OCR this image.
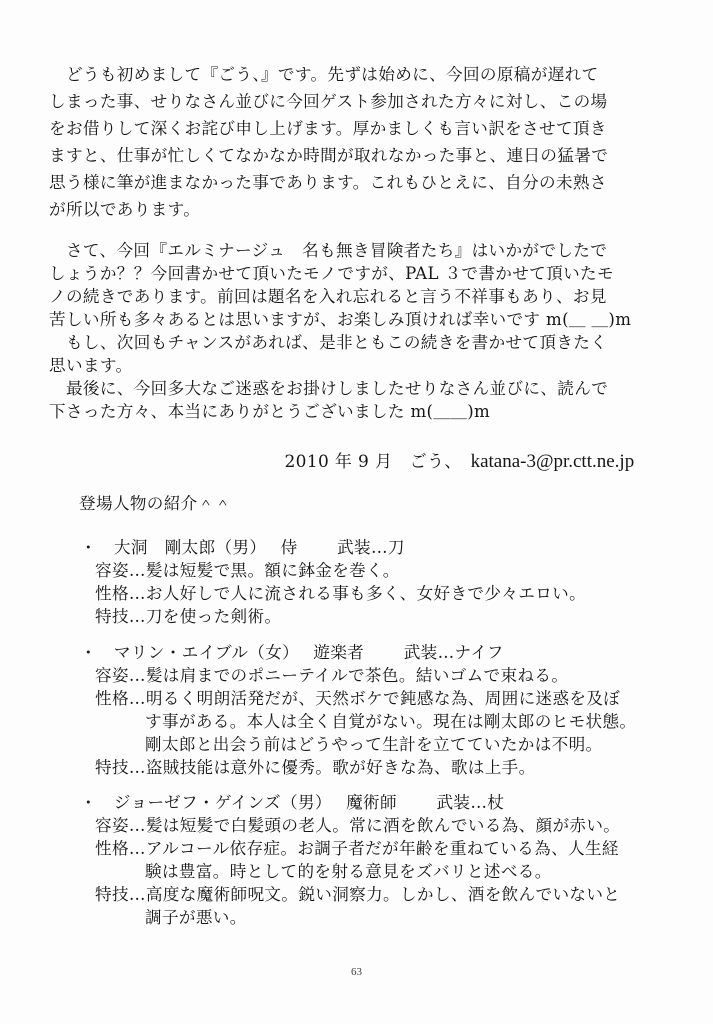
　どうも初めまして『ごう、』です。先ずは始めに、今回の原稿が遅れて
しまった事、せりなさん並びに今回ゲスト参加された方々に対し、この場
をお借りして深くお詫び申し上げます。厚かましくも言い訳をさせて頂き
ますと、仕事が忙しくてなかなか時間が取れなかった事と、連日の猛暑で
思う様に筆が進まなかった事であります。これもひとえに、自分の未熟さ
が所以であります。
　さて、今回『エルミナージュ　名も無き冒険者たち』はいかがでしたで
しょうか？？今回書かせて頂いたモノですが、PAL ３で書かせて頂いたモ
ノの続きであります。前回は題名を入れ忘れると言う不祥事もあり、お見
苦しい所も多々あるとは思いますが、お楽しみ頂ければ幸いです m(＿ ＿)m
　もし、次回もチャンスがあれば、是非ともこの続きを書かせて頂きたく
思います。
　最後に、今回多大なご迷惑をお掛けしましたせりなさん並びに、読んで
下さった方々、本当にありがとうございました m(＿＿)m

2010 年 9 月　ごう、　katana-3@pr.ctt.ne.jp

登場人物の紹介＾＾
・　大洞　剛太郎（男）　 侍　　 武装…刀
容姿…髪は短髪で黒。額に鉢金を巻く。
性格…お人好しで人に流される事も多く、女好きで少々エロい。
特技…刀を使った剣術。
・　マリン・エイブル（女）　 遊楽者　　 武装…ナイフ
容姿…髪は肩までのポニーテイルで茶色。結いゴムで束ねる。
性格…明るく明朗活発だが、天然ボケで鈍感な為、周囲に迷惑を及ぼ
す事がある。本人は全く自覚がない。現在は剛太郎のヒモ状態。
剛太郎と出会う前はどうやって生計を立てていたかは不明。
特技…盗賊技能は意外に優秀。歌が好きな為、歌は上手。
・　ジョーゼフ・ゲインズ（男）　 魔術師　　 武装…杖
容姿…髪は短髪で白髪頭の老人。常に酒を飲んでいる為、顔が赤い。
性格…アルコール依存症。お調子者だが年齢を重ねている為、人生経
験は豊富。時として的を射る意見をズバリと述べる。
特技…高度な魔術師呪文。鋭い洞察力。しかし、酒を飲んでいないと
調子が悪い。
63
